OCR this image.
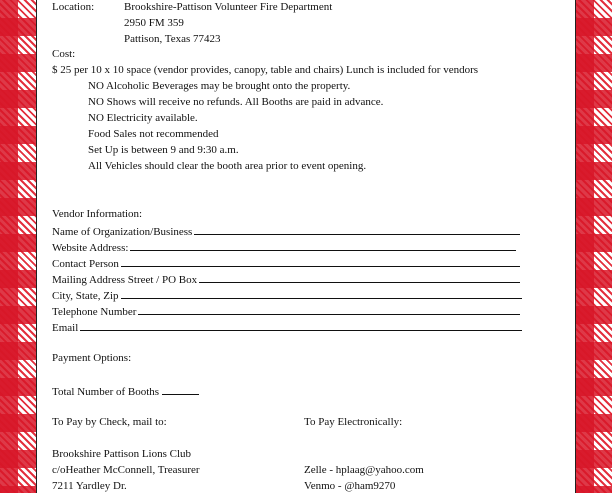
Location:	Brookshire-Pattison Volunteer Fire Department
2950 FM 359
Pattison, Texas 77423
Cost:
$ 25 per 10 x 10 space (vendor provides, canopy, table and chairs) Lunch is included for vendors
NO Alcoholic Beverages may be brought onto the property.
NO Shows will receive no refunds. All Booths are paid in advance.
NO Electricity available.
Food Sales not recommended
Set Up is between 9 and 9:30 a.m.
All Vehicles should clear the booth area prior to event opening.
Vendor Information:
Name of Organization/Business
Website Address:
Contact Person
Mailing Address Street / PO Box
City, State, Zip
Telephone Number
Email
Payment Options:
Total Number of Booths
To Pay by Check, mail to:	To Pay Electronically:
Brookshire Pattison Lions Club
c/oHeather McConnell, Treasurer
7211 Yardley Dr.
Zelle - hplaag@yahoo.com
Venmo - @ham9270
